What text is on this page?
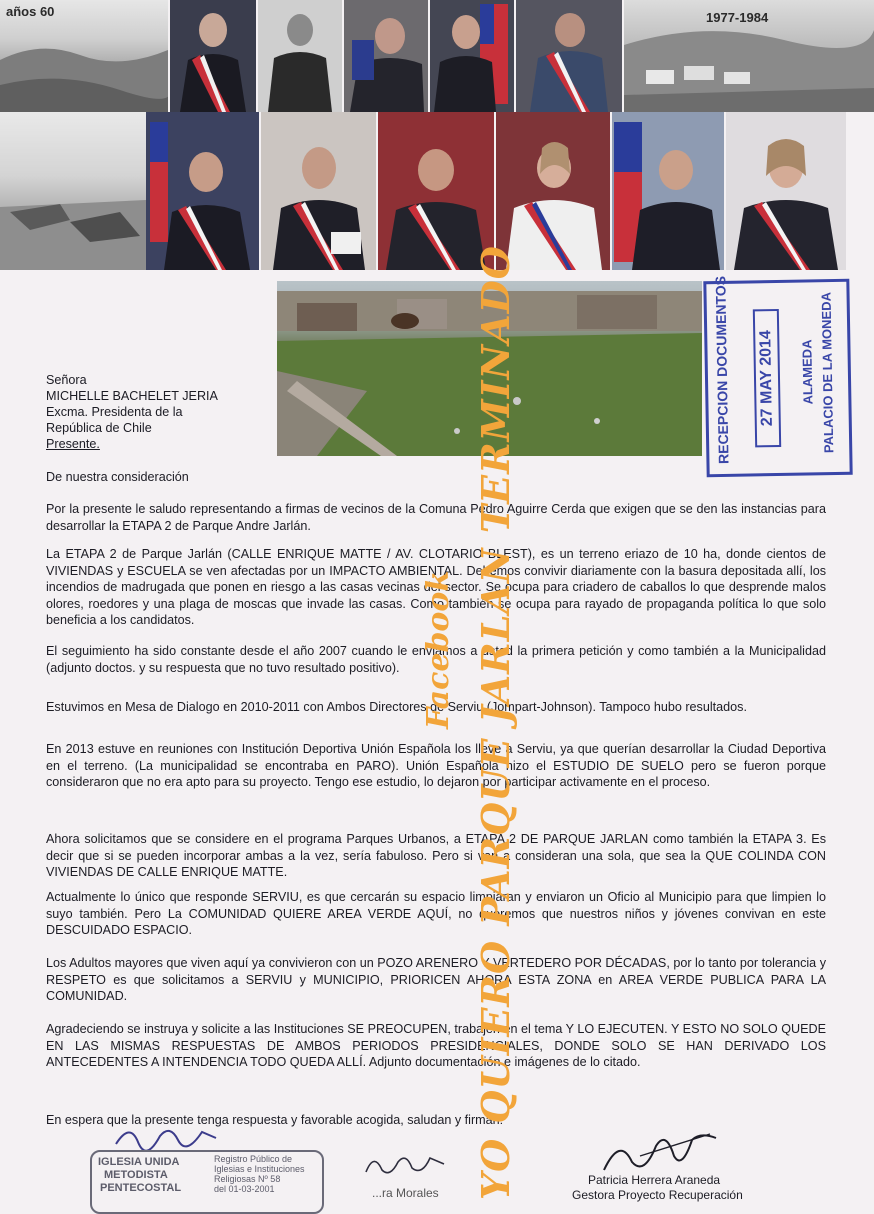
años 60	1977-1984
RECEPCION DOCUMENTOS 27 MAY 2014	ALAMEDA PALACIO DE LA MONEDA
Señora
MICHELLE BACHELET JERIA
Excma. Presidenta de la
República de Chile
Presente.
De nuestra consideración

Por la presente le saludo representando a firmas de vecinos de la Comuna Pedro Aguirre Cerda que exigen que se den las instancias para desarrollar la ETAPA 2 de Parque Andre Jarlán.

La ETAPA 2 de Parque Jarlán (CALLE ENRIQUE MATTE / AV. CLOTARIO BLEST), es un terreno eriazo de 10 ha, donde cientos de VIVIENDAS y ESCUELA se ven afectadas por un IMPACTO AMBIENTAL. Debemos convivir diariamente con la basura depositada allí, los incendios de madrugada que ponen en riesgo a las casas vecinas del sector. Se ocupa para criadero de caballos lo que desprende malos olores, roedores y una plaga de moscas que invade las casas. Como también se ocupa para rayado de propaganda política lo que solo beneficia a los candidatos.

El seguimiento ha sido constante desde el año 2007 cuando le enviamos a usted la primera petición y como también a la Municipalidad (adjunto doctos. y su respuesta que no tuvo resultado positivo).

Estuvimos en Mesa de Dialogo en 2010-2011 con Ambos Directores de Serviu (Jompart-Johnson). Tampoco hubo resultados.

En 2013 estuve en reuniones con Institución Deportiva Unión Española los lleve a Serviu, ya que querían desarrollar la Ciudad Deportiva en el terreno. (La municipalidad se encontraba en PARO). Unión Española hizo el ESTUDIO DE SUELO pero se fueron porque consideraron que no era apto para su proyecto. Tengo ese estudio, lo dejaron por participar activamente en el proceso.

Ahora solicitamos que se considere en el programa Parques Urbanos, a ETAPA 2 DE PARQUE JARLAN como también la ETAPA 3. Es decir que si se pueden incorporar ambas a la vez, sería fabuloso. Pero si van a consideran una sola, que sea la QUE COLINDA CON VIVIENDAS DE CALLE ENRIQUE MATTE.

Actualmente lo único que responde SERVIU, es que cercarán su espacio limpiaran y enviaron un Oficio al Municipio para que limpien lo suyo también. Pero La COMUNIDAD QUIERE AREA VERDE AQUÍ, no queremos que nuestros niños y jóvenes convivan en este DESCUIDADO ESPACIO.

Los Adultos mayores que viven aquí ya convivieron con un POZO ARENERO Y VERTEDERO POR DÉCADAS, por lo tanto por tolerancia y RESPETO es que solicitamos a SERVIU y MUNICIPIO, PRIORICEN AHORA ESTA ZONA en AREA VERDE PUBLICA PARA LA COMUNIDAD.

Agradeciendo se instruya y solicite a las Instituciones SE PREOCUPEN, trabajen en el tema Y LO EJECUTEN. Y ESTO NO SOLO QUEDE EN LAS MISMAS RESPUESTAS DE AMBOS PERIODOS PRESIDENCIALES, DONDE SOLO SE HAN DERIVADO LOS ANTECEDENTES A INTENDENCIA TODO QUEDA ALLÍ. Adjunto documentación e imágenes de lo citado.

En espera que la presente tenga respuesta y favorable acogida, saludan y firman:
YO QUIERO PARQUE JARLAN TERMINADO
Facebook
IGLESIA UNIDA
METODISTA
PENTECOSTAL
Registro Público de
Iglesias e Instituciones
Religiosas Nº 58
del 01-03-2001	...ra Morales
Patricia Herrera Araneda
Gestora Proyecto Recuperación
